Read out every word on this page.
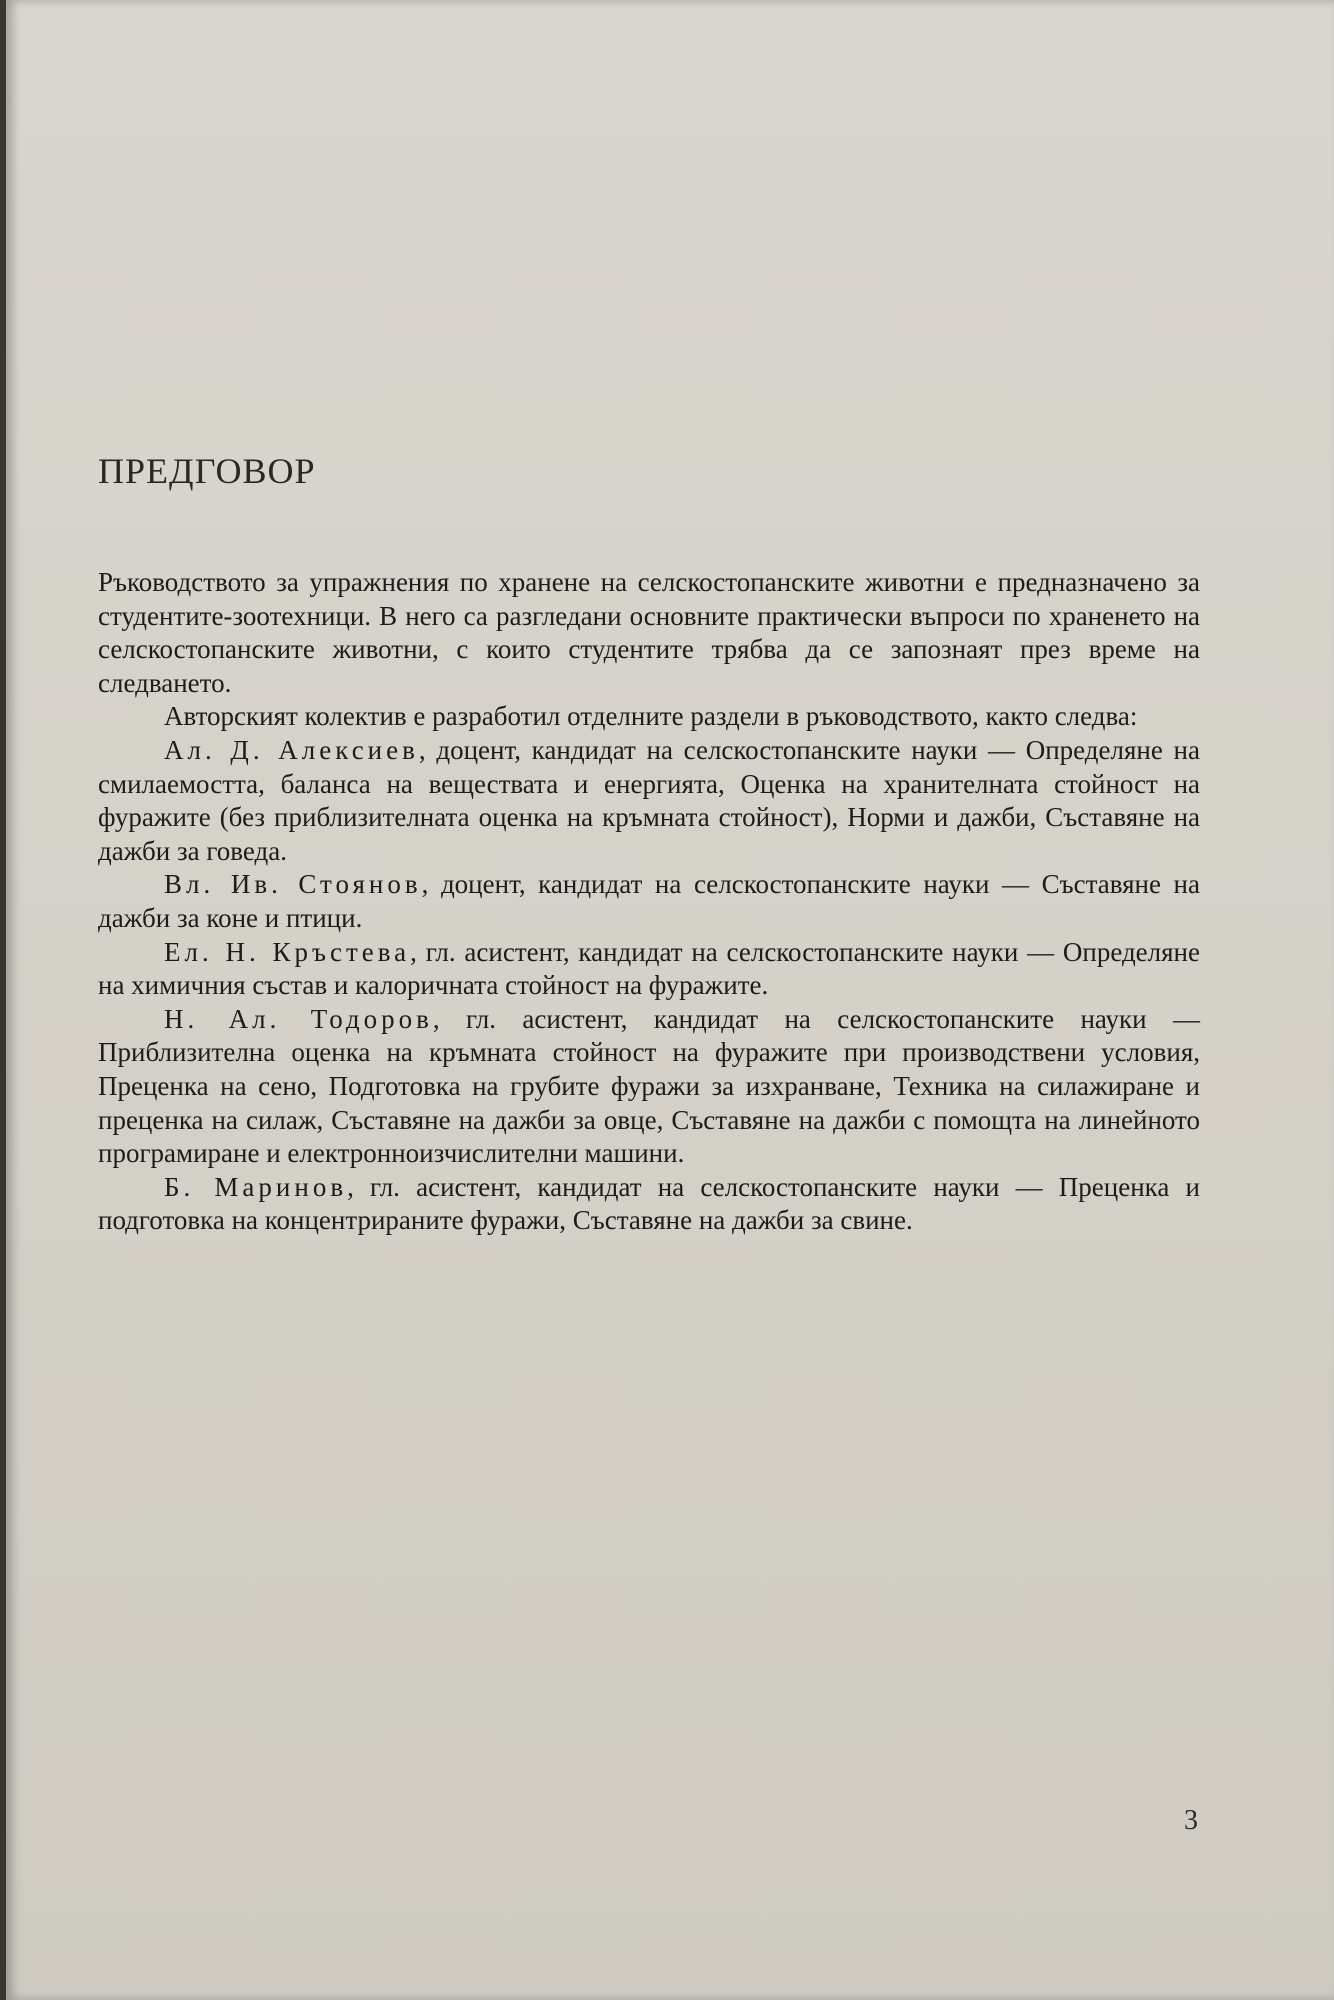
ПРЕДГОВОР

Ръководството за упражнения по хранене на селскостопанските животни е предназначено за студентите-зоотехници. В него са разгледани основните практически въпроси по храненето на селскостопанските животни, с които студентите трябва да се запознаят през време на следването.

Авторският колектив е разработил отделните раздели в ръководството, както следва:

Ал. Д. Алексиев, доцент, кандидат на селскостопанските науки — Определяне на смилаемостта, баланса на веществата и енергията, Оценка на хранителната стойност на фуражите (без приблизителната оценка на кръмната стойност), Норми и дажби, Съставяне на дажби за говеда.

Вл. Ив. Стоянов, доцент, кандидат на селскостопанските науки — Съставяне на дажби за коне и птици.

Ел. Н. Кръстева, гл. асистент, кандидат на селскостопанските науки — Определяне на химичния състав и калоричната стойност на фуражите.

Н. Ал. Тодоров, гл. асистент, кандидат на селскостопанските науки — Приблизителна оценка на кръмната стойност на фуражите при производствени условия, Преценка на сено, Подготовка на грубите фуражи за изхранване, Техника на силажиране и преценка на силаж, Съставяне на дажби за овце, Съставяне на дажби с помощта на линейното програмиране и електронноизчислителни машини.

Б. Маринов, гл. асистент, кандидат на селскостопанските науки — Преценка и подготовка на концентрираните фуражи, Съставяне на дажби за свине.

3
